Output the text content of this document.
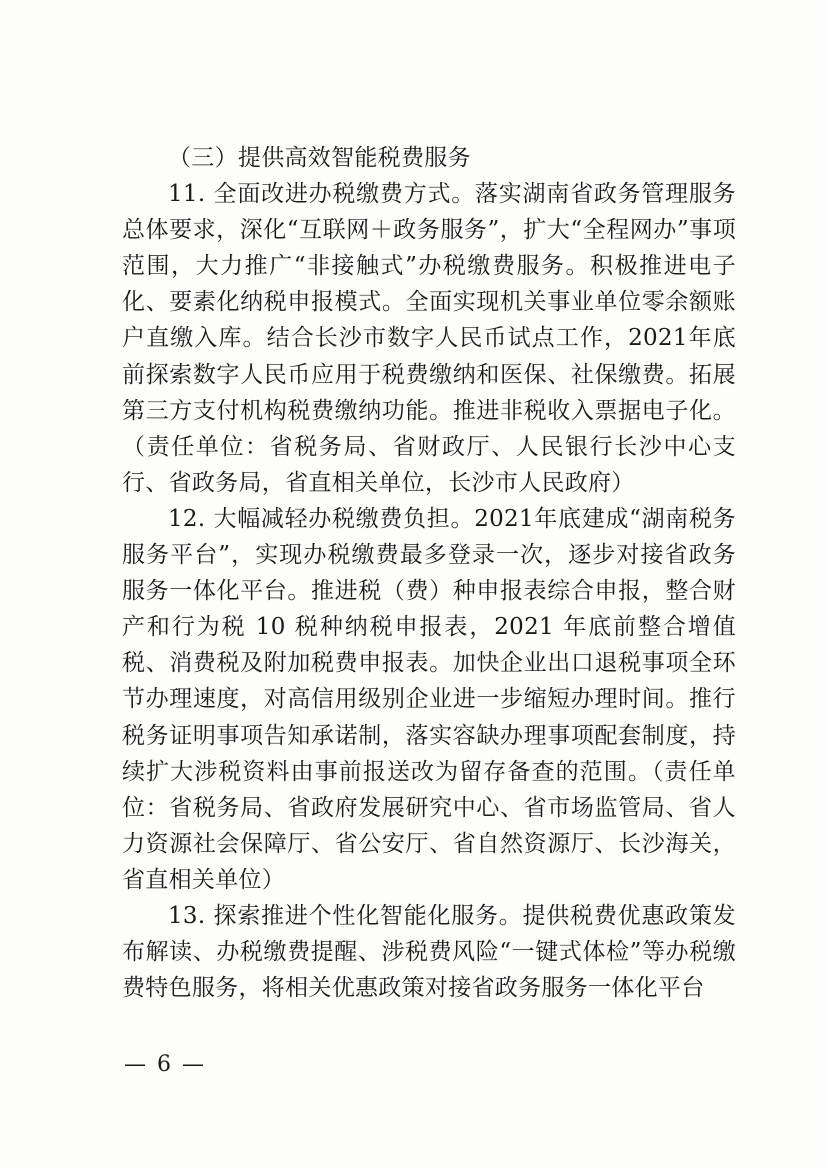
（三）提供高效智能税费服务

11. 全面改进办税缴费方式。落实湖南省政务管理服务总体要求，深化“互联网＋政务服务”，扩大“全程网办”事项范围，大力推广“非接触式”办税缴费服务。积极推进电子化、要素化纳税申报模式。全面实现机关事业单位零余额账户直缴入库。结合长沙市数字人民币试点工作，2021年底前探索数字人民币应用于税费缴纳和医保、社保缴费。拓展第三方支付机构税费缴纳功能。推进非税收入票据电子化。（责任单位：省税务局、省财政厅、人民银行长沙中心支行、省政务局，省直相关单位，长沙市人民政府）

12. 大幅减轻办税缴费负担。2021年底建成“湖南税务服务平台”，实现办税缴费最多登录一次，逐步对接省政务服务一体化平台。推进税（费）种申报表综合申报，整合财产和行为税 10 税种纳税申报表，2021 年底前整合增值税、消费税及附加税费申报表。加快企业出口退税事项全环节办理速度，对高信用级别企业进一步缩短办理时间。推行税务证明事项告知承诺制，落实容缺办理事项配套制度，持续扩大涉税资料由事前报送改为留存备查的范围。（责任单位：省税务局、省政府发展研究中心、省市场监管局、省人力资源社会保障厅、省公安厅、省自然资源厅、长沙海关，省直相关单位）

13. 探索推进个性化智能化服务。提供税费优惠政策发布解读、办税缴费提醒、涉税费风险“一键式体检”等办税缴费特色服务，将相关优惠政策对接省政务服务一体化平台

— 6 —
